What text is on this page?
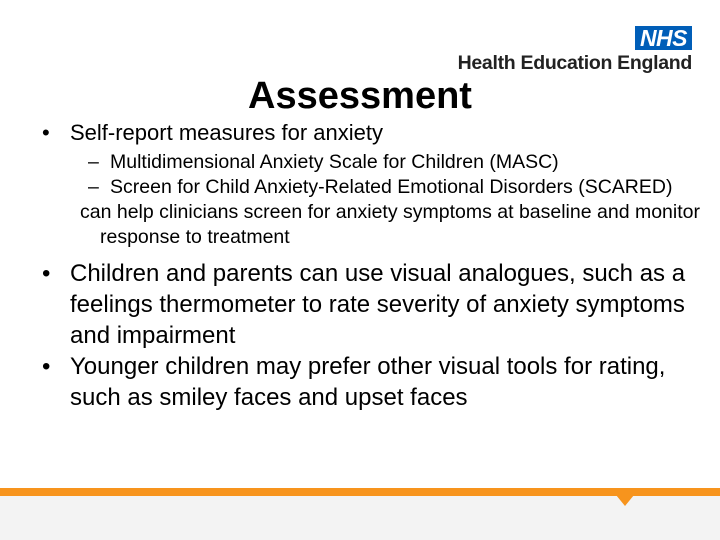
NHS
Health Education England
Assessment
• Self-report measures for anxiety
– Multidimensional Anxiety Scale for Children (MASC)
– Screen for Child Anxiety-Related Emotional Disorders (SCARED)
can help clinicians screen for anxiety symptoms at baseline and monitor response to treatment
• Children and parents can use visual analogues, such as a feelings thermometer to rate severity of anxiety symptoms and impairment
• Younger children may prefer other visual tools for rating, such as smiley faces and upset faces
